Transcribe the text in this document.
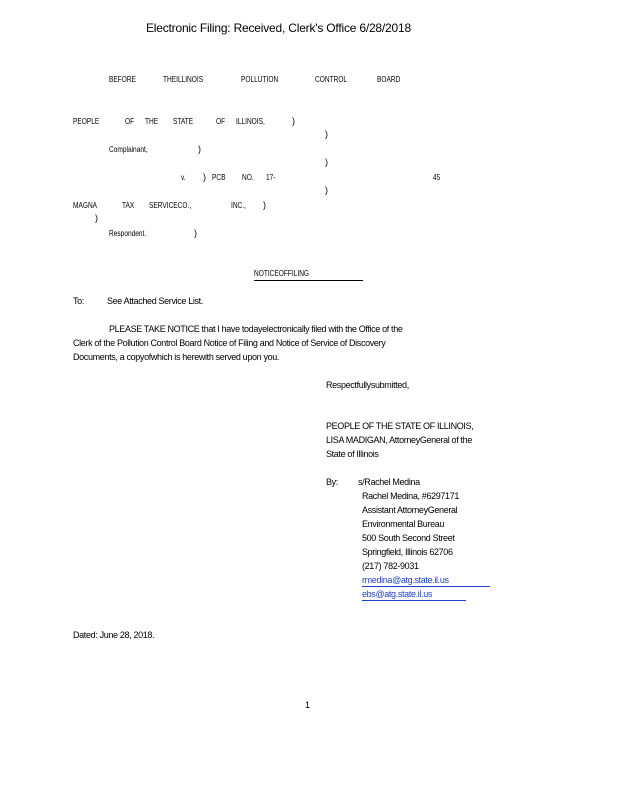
Electronic Filing: Received, Clerk's Office 6/28/2018
BEFORE	THEILLINOIS	POLLUTION	CONTROL	BOARD
PEOPLE	OF THE	STATE	OF ILLINOIS,	)
)
Complainant,	)
)
v. ) PCB	NO.	17-	45
)
MAGNA	TAX	SERVICECO.,	INC.,	)
)
Respondent.	)
NOTICEOFFILING
To:	See Attached Service List.
PLEASE TAKE NOTICE that I have todayelectronically filed with the Office of the
Clerk of the Pollution Control Board Notice of Filing and Notice of Service of Discovery
Documents, a copyofwhich is herewith served upon you.
Respectfullysubmitted,
PEOPLE OF THE STATE OF ILLINOIS,
LISA MADIGAN, AttorneyGeneral of the
State of Illinois
By: s/Rachel Medina
Rachel Medina, #6297171
Assistant AttorneyGeneral
Environmental Bureau
500 South Second Street
Springfield, Illinois 62706
(217) 782-9031
rmedina@atg.state.il.us
ebs@atg.state.il.us
Dated: June 28, 2018.
1
